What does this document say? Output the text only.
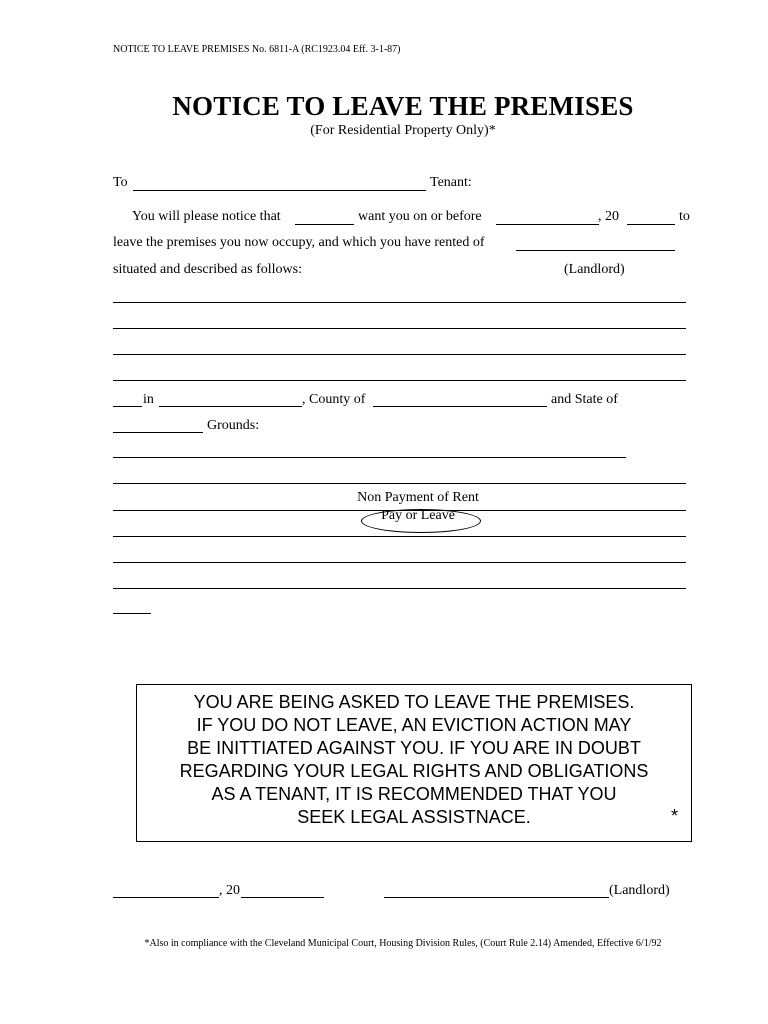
NOTICE TO LEAVE PREMISES No. 6811-A (RC1923.04 Eff. 3-1-87)
NOTICE TO LEAVE THE PREMISES
(For Residential Property Only)*
To	Tenant:
You will please notice that	want you on or before	, 20	to
leave the premises you now occupy, and which you have rented of
situated and described as follows:	(Landlord)
in	, County of	and State of
Grounds:
Non Payment of Rent
Pay or Leave
YOU ARE BEING ASKED TO LEAVE THE PREMISES.
IF YOU DO NOT LEAVE, AN EVICTION ACTION MAY
BE INITTIATED AGAINST YOU. IF YOU ARE IN DOUBT
REGARDING YOUR LEGAL RIGHTS AND OBLIGATIONS
AS A TENANT, IT IS RECOMMENDED THAT YOU
SEEK LEGAL ASSISTNACE.	*
, 20	(Landlord)
*Also in compliance with the Cleveland Municipal Court, Housing Division Rules, (Court Rule 2.14) Amended, Effective 6/1/92
